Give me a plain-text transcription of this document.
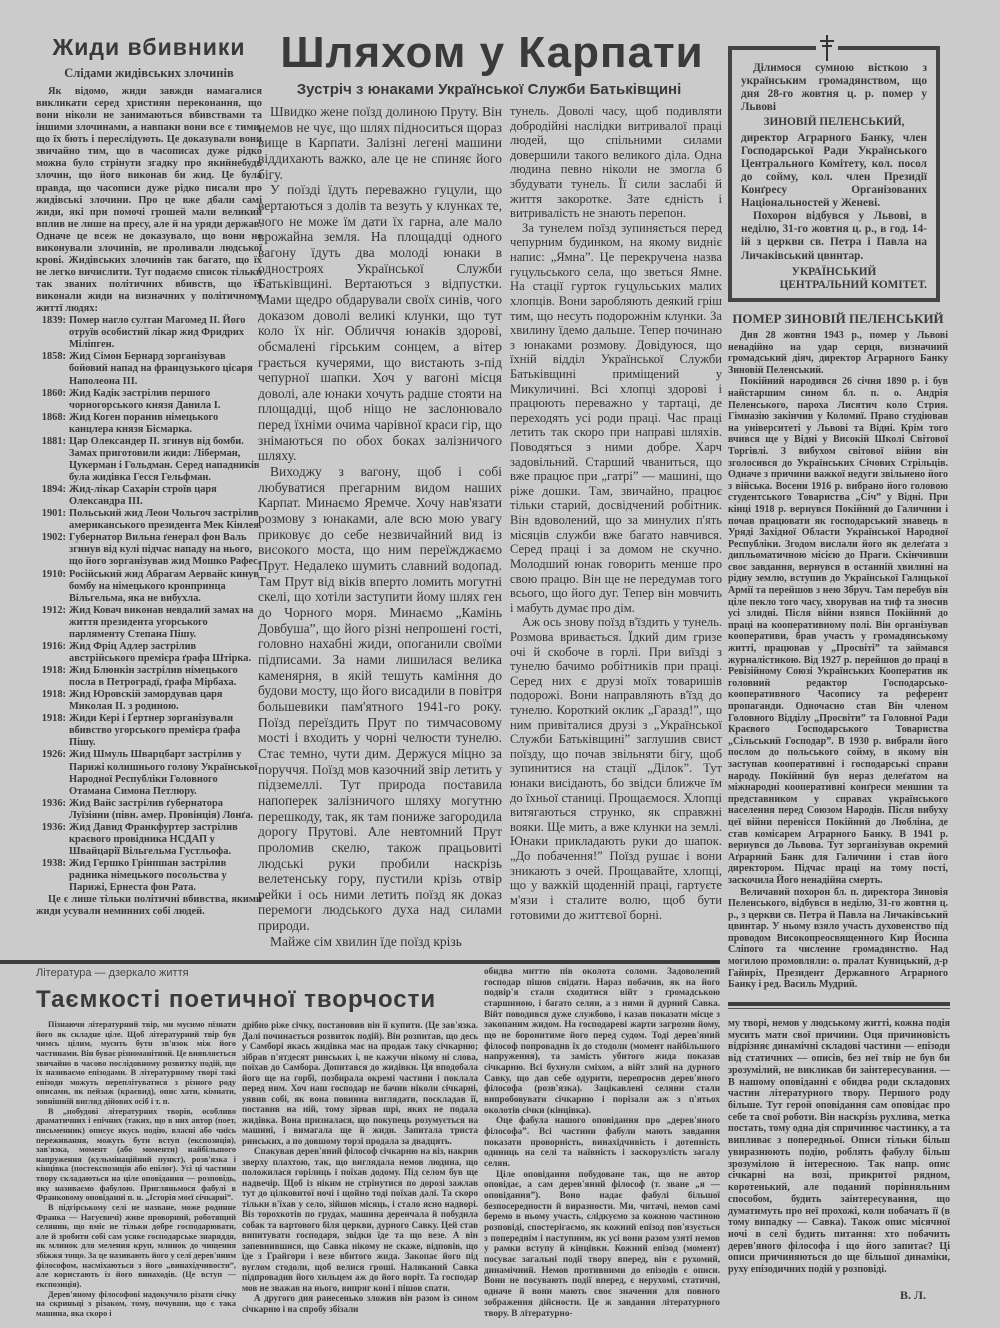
Жиди вбивники
Слідами жидівських злочинів

Як відомо, жиди завжди намагалися викликати серед християн переконання, що вони ніколи не занимаються вбивствами та іншими злочинами, а навпаки вони все є тими, що їх бють і переслідують. Це доказували вони звичайно тим, що в часописах дуже рідко можна було стрінути згадку про якийнебудь злочин, що його виконав би жид. Це була правда, що часописи дуже рідко писали про жидівські злочини. Про це вже дбали самі жиди, які при помочі грошей мали великий вплив не лише на пресу, але й на уряди держав. Одначе це всеж не доказувало, що вони не виконували злочинів, не проливали людської крові. Жидівських злочинів так багато, що їх не легко вичислити. Тут подаємо список тільки так званих політичних вбивств, що їх виконали жиди на визначних у політичному життї людях:

1839: Помер нагло султан Магомед II. Його отруїв особистий лікар жид Фридрих Міліпген.
1858: Жид Сімон Бернард зорганізував бойовий напад на французького цісаря Наполеона III.
1860: Жид Кадік застрілив першого чорногорського князя Данила І.
1868: Жид Коген поранив німецького канцлера князя Бісмарка.
1881: Цар Олександер II. згинув від бомби. Замах приготовили жиди: Ліберман, Цукерман і Гольдман. Серед нападників була жидівка Гесся Гельфман.
1894: Жид-лікар Сахарін строїв царя Олександра III.
1901: Польський жид Леон Чольгоч застрілив американського президента Мек Кінлея.
1902: Губернатор Вильна ґенерал фон Валь згинув від кулі підчас нападу на нього, що його зорганізував жид Мошко Рафес.
1910: Російський жид Абрагам Аервайс кинув бомбу на німецького кронпринца Вільгельма, яка не вибухла.
1912: Жид Ковач виконав невдалий замах на життя президента угорського парляменту Степана Пішу.
1916: Жид Фріц Адлер застрілив австрійського премієра ґрафа Штірка.
1918: Жид Блюнкін застрілив німецького посла в Петроградї, ґрафа Мірбаха.
1918: Жид Юровскій замордував царя Миколая II. з родиною.
1918: Жиди Кері і Ґертнер зорганізували вбивство угорського премієра ґрафа Пішу.
1926: Жид Шмуль Шварцбарт застрілив у Парижі колишнього голову Української Народної Республіки Головного Отамана Симона Петлюру.
1936: Жид Вайс застрілив ґубернатора Луїзіяни (півн. амер. Провінція) Лонґа.
1936: Жид Давид Франкфуртер застрілив краєвого провідника НСДАП у Швайцарії Вільгельма Густльофа.
1938: Жид Гершко Грінпшан застрілив радника німецького посольства у Парижі, Ернеста фон Рата.

Це є лише тільки політичні вбивства, якими жиди усували неминних собі людей.

Шляхом у Карпати
Зустріч з юнаками Української Служби Батьківщині

Швидко жене поїзд долиною Пруту. Він немов не чує, що шлях підноситься щораз вище в Карпати. Залізні легені машини віддихають важко, але це не спиняє його бігу.

У поїзді їдуть переважно гуцули, що вертаються з долів та везуть у клунках те, чого не може їм дати їх гарна, але мало врожайна земля. На площадці одного вагону їдуть два молоді юнаки в одностроях Української Служби Батьківщині. Вертаються з відпустки. Мами щедро обдарували своїх синів, чого доказом доволі великі клунки, що тут коло їх ніг. Обличчя юнаків здорові, обсмалені гірським сонцем, а вітер грається кучерями, що вистають з-під чепурної шапки. Хоч у вагоні місця доволі, але юнаки хочуть радше стояти на площадці, щоб ніщо не заслонювало перед їхніми очима чарівної краси гір, що знімаються по обох боках залізничого шляху.

Виходжу з вагону, щоб і собі любуватися прегарним видом наших Карпат. Минаємо Яремче. Хочу нав'язати розмову з юнаками, але всю мою увагу приковує до себе незвичайний вид із високого моста, що ним переїжджаємо Прут. Недалеко шумить славний водопад. Там Прут від віків вперто ломить могутні скелі, що хотіли заступити йому шлях ген до Чорного моря. Минаємо „Камінь Довбуша”, що його різні непрошені гості, головно нахабні жиди, опоганили своїми підписами. За нами лишилася велика каменярня, в якій тешуть каміння до будови мосту, що його висадили в повітря большевики пам'ятного 1941-го року. Поїзд переїздить Прут по тимчасовому мості і входить у чорні челюсти тунелю. Стає темно, чути дим. Держуся міцно за поруччя. Поїзд мов казочний звір летить у підземеллі. Тут природа поставила напоперек залізничого шляху могутню перешкоду, так, як там пониже загородила дорогу Прутові. Але невтомний Прут проломив скелю, також працьовиті людські руки пробили наскрізь велетенську гору, пустили крізь отвір рейки і ось ними летить поїзд як доказ перемоги людського духа над силами природи.

Майже сім хвилин їде поїзд крізь

тунель. Доволі часу, щоб подивляти добродійні наслідки витривалої праці людей, що спільними силами довершили такого великого діла. Одна людина певно ніколи не змогла б збудувати тунель. Її сили заслабі й життя закоротке. Зате єдність і витривалість не знають перепон.

За тунелем поїзд зупиняється перед чепурним будинком, на якому видніє напис: „Ямна”. Це перекручена назва гуцульського села, що зветься Ямне. На стації гурток гуцульських малих хлопців. Вони заробляють деякий гріш тим, що несуть подорожнім клунки. За хвилину їдемо дальше. Тепер починаю з юнаками розмову. Довідуюся, що їхній відділ Української Служби Батьківщині приміщений у Микуличині. Всі хлопці здорові і працюють переважно у тартаці, де переходять усі роди праці. Час праці летить так скоро при направі шляхів. Поводяться з ними добре. Харч задовільний. Старший чваниться, що вже працює при „гатрі” — машині, що ріже дошки. Там, звичайно, працює тільки старий, досвідчений робітник. Він вдоволений, що за минулих п'ять місяців служби вже багато навчився. Серед праці і за домом не скучно. Молодший юнак говорить менше про свою працю. Він ще не передумав того всього, що його дуг. Тепер він мовчить і мабуть думає про дім.

Аж ось знову поїзд в'їздить у тунель. Розмова вривається. Їдкий дим гризе очі й скобоче в горлі. При виїзді з тунелю бачимо робітників при праці. Серед них є друзі моїх товаришів подорожі. Вони направляють в'їзд до тунелю. Короткий оклик „Гаразд!”, що ним привіталися друзі з „Української Служби Батьківщині” заглушив свист поїзду, що почав звільняти бігу, щоб зупинитися на стації „Ділок”. Тут юнаки висідають, бо звідси ближче їм до їхньої станиці. Прощаємося. Хлопці витягаються струнко, як справжні вояки. Ще мить, а вже клунки на землі. Юнаки прикладають руки до шапок. „До побачення!” Поїзд рушає і вони зникають з очей. Прощавайте, хлопці, що у важкій щоденній праці, гартуєте м'язи і сталите волю, щоб бути готовими до життєвої борні.

Ділимося сумною вісткою з українським громадянством, що дня 28-го жовтня ц. р. помер у Львові

ЗИНОВІЙ ПЕЛЕНСЬКИЙ,

директор Аграрного Банку, член Господарської Ради Українського Центрального Комітету, кол. посол до сойму, кол. член Президії Конґресу Організованих Національностей у Женеві.

Похорон відбувся у Львові, в неділю, 31-го жовтня ц. р., в год. 14-ій з церкви св. Петра і Павла на Личаківський цвинтар.

УКРАЇНСЬКИЙ

ЦЕНТРАЛЬНИЙ КОМІТЕТ.

ПОМЕР ЗИНОВІЙ ПЕЛЕНСЬКИЙ

Дня 28 жовтня 1943 р., помер у Львові ненадійно на удар серця, визначний громадський діяч, директор Аграрного Банку Зиновій Пеленський.

Покійний народився 26 січня 1890 р. і був найстаршим сином бл. п. о. Андрія Пеленського, пароха Лисятич коло Стрия. Гімназію закінчив у Коломиї. Право студіював на університеті у Львові та Відні. Крім того вчився ще у Відні у Високій Школі Світової Торгівлі. З вибухом світової війни він зголосився до Українських Січових Стрільців. Одначе з причини важкої недуги звільнено його з війська. Восени 1916 р. вибрано його головою студентського Товариства „Січ” у Відні. При кінці 1918 р. вернувся Покійний до Галичини і почав працювати як господарський знавець в Уряді Західної Области Української Народної Республіки. Згодом вислали його як делеґата з дипльоматичною місією до Праги. Скінчивши своє завдання, вернувся в останній хвилині на рідну землю, вступив до Української Галицької Армії та перейшов з нею Збруч. Там перебув він ціле пекло того часу, хворував на тиф та зносив усі злидні. Після війни взявся Покійний до праці на кооперативному полі. Він організував кооперативи, брав участь у громадянському житті, працював у „Просвіті” та займався журналістикою. Від 1927 р. перейшов до праці в Ревізійному Союзі Українських Кооператив як головний редактор Господарсько-кооперативного Часопису та референт пропаганди. Одночасно став Він членом Головного Відділу „Просвіти” та Головної Ради Краєвого Господарського Товариства „Сільський Господар”. В 1930 р. вибрали його послом до польського сойму, в якому він заступав кооперативні і господарські справи народу. Покійний був нераз делеґатом на міжнародні кооперативні конґреси меншин та представником у справах українського населення перед Союзом Народів. Після вибуху цеї війни перенісся Покійний до Любліна, де став комісарем Аграрного Банку. В 1941 р. вернувся до Львова. Тут зорганізував окремий Аґрарний Банк для Галичини і став його директором. Підчас праці на тому пості, заскочила Його ненадійна смерть.

Величавий похорон бл. п. директора Зиновія Пеленського, відбувся в неділю, 31-го жовтня ц. р., з церкви св. Петра й Павла на Личаківський цвинтар. У ньому взяло участь духовенство під проводом Високопреосвященного Кир Йосипа Сліпого та численне громадянство. Над могилою промовляли: о. пралат Куницький, д-р Гайнріх, Президент Державного Аграрного Банку і ред. Василь Мудрий.

Література — дзеркало життя
Таємкості поетичної творчости

Пізнаючи літературний твір, ми мусимо пізнати його як складне ціле. Щоб літературний твір був чимсь цілим, мусить бути зв'язок між його частинами. Він буває різноманітний. Це виявляється звичайно в часово послідовному розвитку подій, що їх називаємо епізодами. В літературному творі такі епізоди можуть переплітуватися з різного роду описами, як пейзаж (краєвид), опис хати, кімнати, зовнішній вигляд дійових осіб і т. п.

В „побудові літературних творів, особливо драматичних і епічних (таких, що в них автор (поет, письменник) описує якусь подію, власні або чиїсь переживання, можуть бути вступ (експозиція), зав'язка, момент (або моменти) найбільшого напруження (кульмінаційний пункт), розв'язка і кінцівка (постекспозиція або епілог). Усі ці частини твору складаються на ціле оповідання — розповідь, яку називаємо фабулою. Пригляньмося фабулі в Франковому оповіданні п. н. „Історія моєї січкарні”.

В підгірському селі не назване, може родинне Франка — Нагуєвичі) живе проворний, роботящий селянин, що вміє не тільки добре господарювати, але й зробити собі сам усяке господарське знаряддя, як млинок для мелення круп, млинок до чищення збіжжя тощо. За це називають його у селі дерев'яним філософом, насміхаються з його „винахідчивости”, але користають із його винаходів. (Це вступ — експозиція).

Дерев'яному філософові надокучило різати січку на скриньці з різаком, тому, почувши, що є така машина, яка скоро і

дрібно ріже січку, постановив він її купити. (Це зав'язка. Далі починається розвиток подій). Він розпитав, що десь у Самборі якась жидівка має на продаж таку січкарню; зібрав п'ятдесят ринських і, не кажучи нікому ні слова, поїхав до Самбора. Допитався до жидівки. Ця вподобала його ще на горбі, позбирала окремі частини і поклала перед ним. Хоч наш господар не бачив ніколи січкарні, уявив собі, як вона повинна виглядати, поскладав її, поставив на ній, тому зірвав шрі, яких не подала жидівка. Вона призналася, що покупець розумується на машині, і вимагала ще й жиди. Запитала триста ринських, а по довшому торзі продала за двадцять.

Спакував дерев'яний філософ січкарню на віз, накрив зверху плахтою, так, що виглядала немов людина, що положилася горілиць і поїхав додому. Під селом був ще надвечір. Щоб із ніким не стрінутися по дорозі зажлав тут до цілковитої ночі і щойно тоді поїхав далі. Та скоро тільки в'їхав у село, зійшов місяць, і стало ясно надворі. Віз торохкотів по грудах, машина деренчала й побудила собак та вартового біля церкви, дурного Савку. Цей став випитувати господаря, звідки їде та що везе. А він запевнившися, що Савка нікому не скаже, відповів, що їде з Грайгори і везе вбитого жида. Закопає його під вуглом стодоли, щоб велися гроші. Наляканий Савка підпровадив його хильцем аж до його воріт. Та господар мов не зважав на нього, випряг коні і пішов спати.

А другого дня ранесенько зложив він разом із сином січкарню і на спробу збізали

обидва миттю пів околота соломи. Задоволений господар пішов снідати. Нараз побачив, як на його подвір'я стали сходитися війт з громадською старшиною, і багато селян, а з ними й дурний Савка. Війт поводився дуже службово, і казав показати місце з закопаним жидом. На господареві жарти загрозив йому, що не боронитиме його перед судом. Тоді дерев'яний філософ попровадив їх до стодоли (момент найбільшого напруження), та замість убитого жида показав січкарню. Всі бухнули сміхом, а війт злий на дурного Савку, що дав себе одурити, перепросив дерев'яного філософа (розв'язка). Зацікавлені селяни стали випробовувати січкарню і порізали аж з п'ятьох околотів січки (кінцівка).

Оце фабула нашого оповідання про „дерев'яного філософа”. Всі частини фабули мають завдання показати проворність, винахідчивість і дотепність одиниць на селі та наївність і заскорузлість загалу селян.

Ціле оповідання побудоване так, що не автор оповідає, а сам дерев'яний філософ (т. зване „я — оповідання”). Воно надає фабулі більшої безпосередности й виразности. Ми, читачі, немов самі беремо в ньому участь, слідкуємо за кожною частиною розповіді, спостерігаємо, як кожний епізод пов'язується з попереднім і наступним, як усі вони разом узяті немов у рамки вступу й кінцівки. Кожний епізод (момент) посуває загальні події твору вперед, він є рухомий, динамічний. Немов противними до епізодів є описи. Вони не посувають події вперед, є нерухомі, статичні, одначе й вони мають своє значення для повного зображення дійсности. Це ж завдання літературного твору. В літературно-

му творі, немов у людському житті, кожна подія мусить мати свої причини. Оця причиновість відрізняє динамічні складові частини — епізоди від статичних — описів, без неї твір не був би зрозумілий, не викликав би заінтересування. — В нашому оповіданні є обидва роди складових частин літературного твору. Першого роду більше. Тут герой оповідання сам оповідає про себе та свої роботи. Він наскрізь рухлива, метка постать, тому одна дія спричинює частинку, а та випливає з попередньої. Описи тільки більш увиразнюють подію, роблять фабулу більш зрозумілою й інтересною. Так напр. опис січкарні на возі, прикритої рядном, коротенький, але поданий порівняльним способом, будить заінтересування, що думатимуть про неї прохожі, коли побачать її (в тому випадку — Савка). Також опис місячної ночі в селі будить питання: хто побачить дерев'яного філософа і що його запитає? Ці описи причиняються до ще більшої динаміки, руху епізодичних подій у розповіді.

В. Л.
